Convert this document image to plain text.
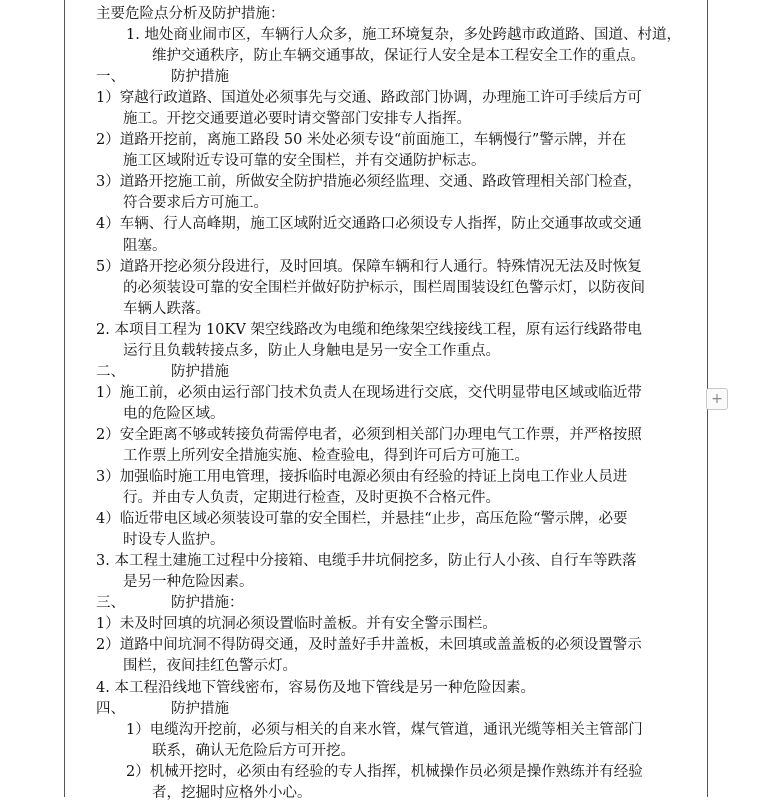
主要危险点分析及防护措施：
1. 地处商业闹市区，车辆行人众多，施工环境复杂，多处跨越市政道路、国道、村道，
维护交通秩序，防止车辆交通事故，保证行人安全是本工程安全工作的重点。
一、	防护措施
1）穿越行政道路、国道处必须事先与交通、路政部门协调，办理施工许可手续后方可
施工。开挖交通要道必要时请交警部门安排专人指挥。
2）道路开挖前，离施工路段 50 米处必须专设“前面施工，车辆慢行”警示牌，并在
施工区域附近专设可靠的安全围栏，并有交通防护标志。
3）道路开挖施工前，所做安全防护措施必须经监理、交通、路政管理相关部门检查，
符合要求后方可施工。
4）车辆、行人高峰期，施工区域附近交通路口必须设专人指挥，防止交通事故或交通
阻塞。
5）道路开挖必须分段进行，及时回填。保障车辆和行人通行。特殊情况无法及时恢复
的必须装设可靠的安全围栏并做好防护标示，围栏周围装设红色警示灯，以防夜间
车辆人跌落。
2. 本项目工程为 10KV 架空线路改为电缆和绝缘架空线接线工程，原有运行线路带电
运行且负载转接点多，防止人身触电是另一安全工作重点。
二、	防护措施
1）施工前，必须由运行部门技术负责人在现场进行交底，交代明显带电区域或临近带
电的危险区域。
2）安全距离不够或转接负荷需停电者，必须到相关部门办理电气工作票，并严格按照
工作票上所列安全措施实施、检查验电，得到许可后方可施工。
3）加强临时施工用电管理，接拆临时电源必须由有经验的持证上岗电工作业人员进
行。并由专人负责，定期进行检查，及时更换不合格元件。
4）临近带电区域必须装设可靠的安全围栏，并悬挂“止步，高压危险“警示牌，必要
时设专人监护。
3. 本工程土建施工过程中分接箱、电缆手井坑侗挖多，防止行人小孩、自行车等跌落
是另一种危险因素。
三、	防护措施：
1）未及时回填的坑洞必须设置临时盖板。并有安全警示围栏。
2）道路中间坑洞不得防碍交通，及时盖好手井盖板，未回填或盖盖板的必须设置警示
围栏，夜间挂红色警示灯。
4. 本工程沿线地下管线密布，容易伤及地下管线是另一种危险因素。
四、	防护措施
1）电缆沟开挖前，必须与相关的自来水管，煤气管道，通讯光缆等相关主管部门
联系，确认无危险后方可开挖。
2）机械开挖时，必须由有经验的专人指挥，机械操作员必须是操作熟练并有经验
者，挖掘时应格外小心。
+
